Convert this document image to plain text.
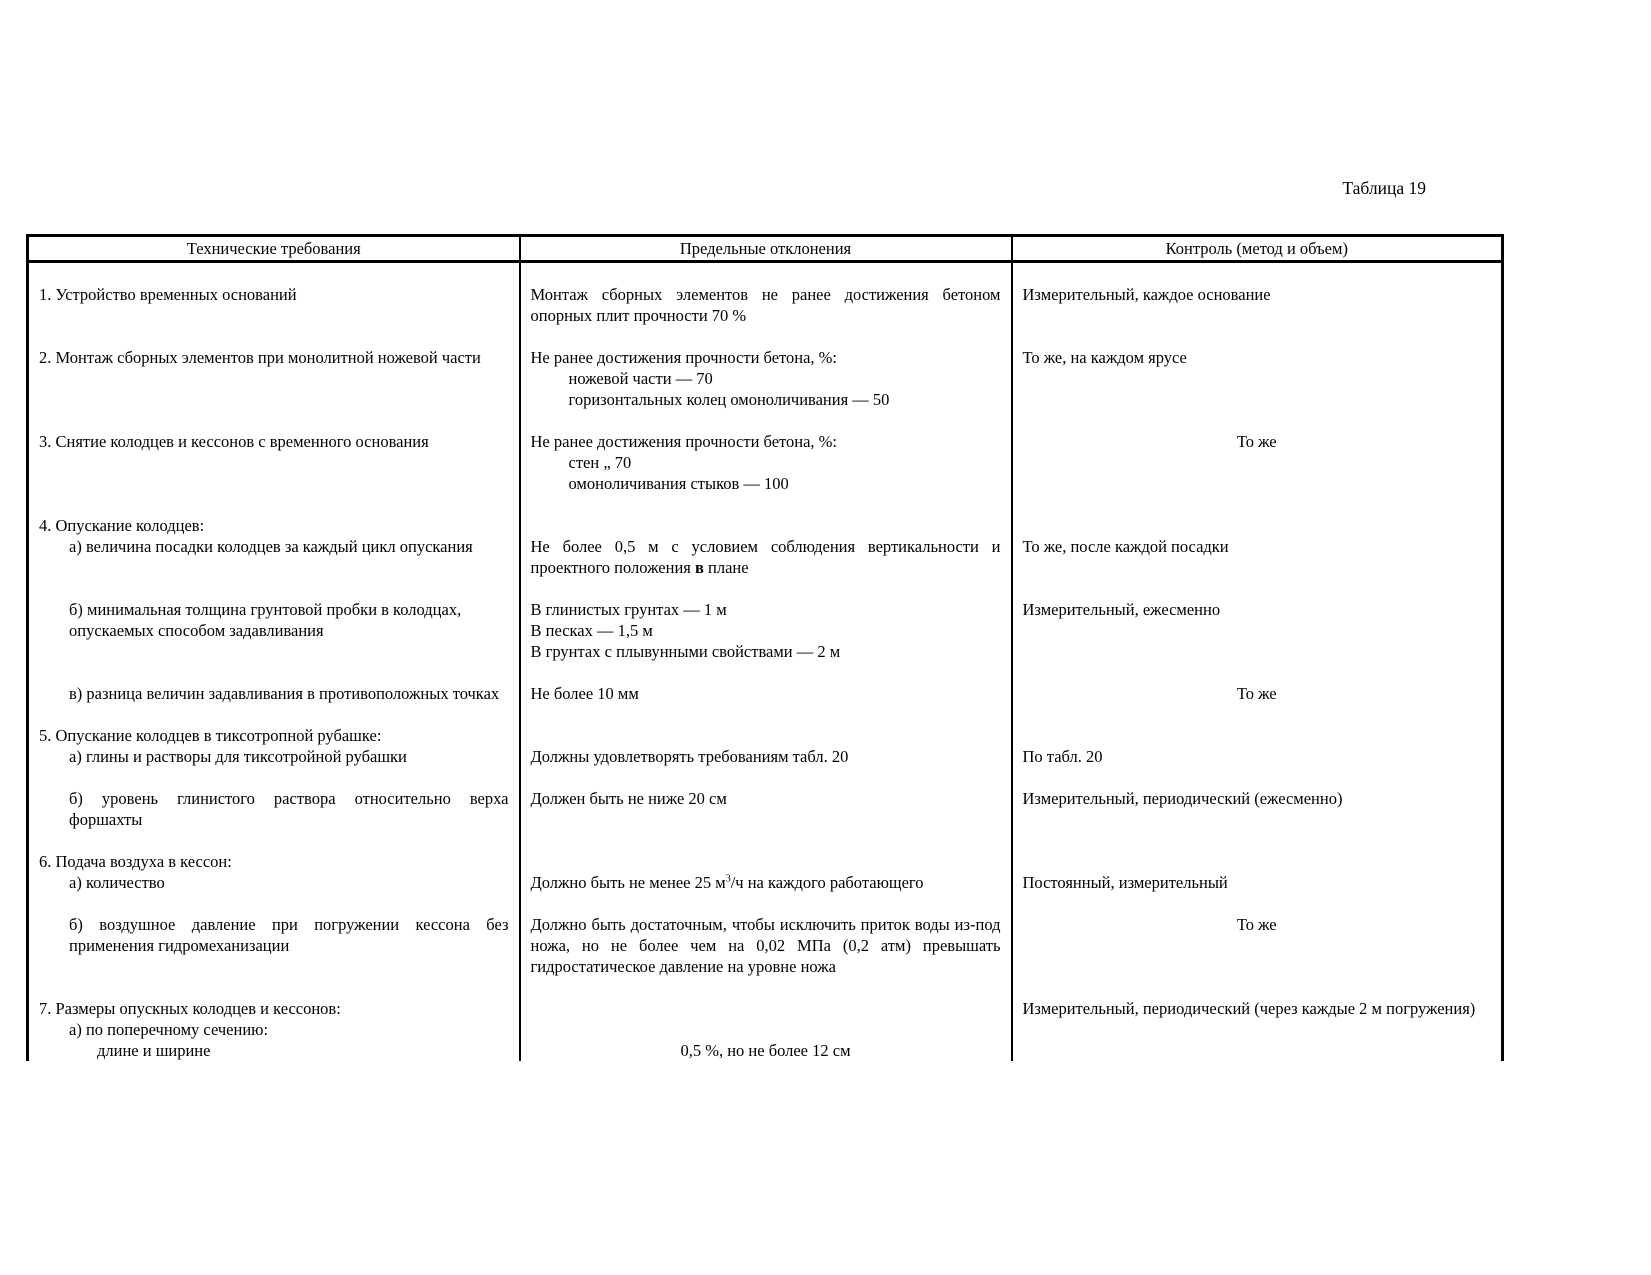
Таблица 19
Технические требования	Предельные отклонения	Контроль (метод и объем)

1. Устройство временных оснований	Монтаж сборных элементов не ранее достижения бетоном опорных плит прочности 70 %	Измерительный, каждое основание

2. Монтаж сборных элементов при монолитной ножевой части	Не ранее достижения прочности бетона, %:
ножевой части — 70
горизонтальных колец омоноличивания — 50	То же, на каждом ярусе

3. Снятие колодцев и кессонов с временного основания	Не ранее достижения прочности бетона, %:
стен „ 70
омоноличивания стыков — 100	То же

4. Опускание колодцев:		
а) величина посадки колодцев за каждый цикл опускания	Не более 0,5 м с условием соблюдения вертикальности и проектного положения в плане	То же, после каждой посадки

б) минимальная толщина грунтовой пробки в колодцах, опускаемых способом задавливания	В глинистых грунтах — 1 м
В песках — 1,5 м
В грунтах с плывунными свойствами — 2 м	Измерительный, ежесменно

в) разница величин задавливания в противоположных точках	Не более 10 мм	То же

5. Опускание колодцев в тиксотропной рубашке:		
а) глины и растворы для тиксотройной рубашки	Должны удовлетворять требованиям табл. 20	По табл. 20

б) уровень глинистого раствора относительно верха форшахты	Должен быть не ниже 20 см	Измерительный, периодический (ежесменно)

6. Подача воздуха в кессон:		
а) количество	Должно быть не менее 25 $м^3/ч$ на каждого работающего	Постоянный, измерительный

б) воздушное давление при погружении кессона без применения гидромеханизации	Должно быть достаточным, чтобы исключить приток воды из-под ножа, но не более чем на 0,02 МПа (0,2 атм) превышать гидростатическое давление на уровне ножа	То же

7. Размеры опускных колодцев и кессонов:
а) по поперечному сечению:
длине и ширине	0,5 %, но не более 12 см	Измерительный, периодический (через каждые 2 м погружения)
